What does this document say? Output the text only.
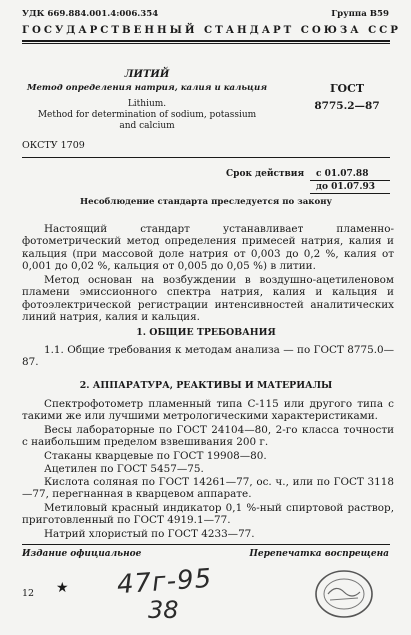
УДК 669.884.001.4:006.354	Группа В59
ГОСУДАРСТВЕННЫЙ СТАНДАРТ СОЮЗА ССР
ЛИТИЙ
Метод определения натрия, калия и кальция
Lithium.
Method for determination of sodium, potassium
and calcium
ГОСТ
8775.2—87
ОКСТУ 1709
Срок действия с 01.07.88
до 01.07.93
Несоблюдение стандарта преследуется по закону
Настоящий стандарт устанавливает пламенно-фотометрический метод определения примесей натрия, калия и кальция (при массовой доле натрия от 0,003 до 0,2 %, калия от 0,001 до 0,02 %, кальция от 0,005 до 0,05 %) в литии.
Метод основан на возбуждении в воздушно-ацетиленовом пламени эмиссионного спектра натрия, калия и кальция и фотоэлектрической регистрации интенсивностей аналитических линий натрия, калия и кальция.
1. ОБЩИЕ ТРЕБОВАНИЯ
1.1. Общие требования к методам анализа — по ГОСТ 8775.0—87.
2. АППАРАТУРА, РЕАКТИВЫ И МАТЕРИАЛЫ
Спектрофотометр пламенный типа С-115 или другого типа с такими же или лучшими метрологическими характеристиками.
Весы лабораторные по ГОСТ 24104—80, 2-го класса точности с наибольшим пределом взвешивания 200 г.
Стаканы кварцевые по ГОСТ 19908—80.
Ацетилен по ГОСТ 5457—75.
Кислота соляная по ГОСТ 14261—77, ос. ч., или по ГОСТ 3118—77, перегнанная в кварцевом аппарате.
Метиловый красный индикатор 0,1 %-ный спиртовой раствор, приготовленный по ГОСТ 4919.1—77.
Натрий хлористый по ГОСТ 4233—77.
Издание официальное	Перепечатка воспрещена
12 ★ 47г-95
38
